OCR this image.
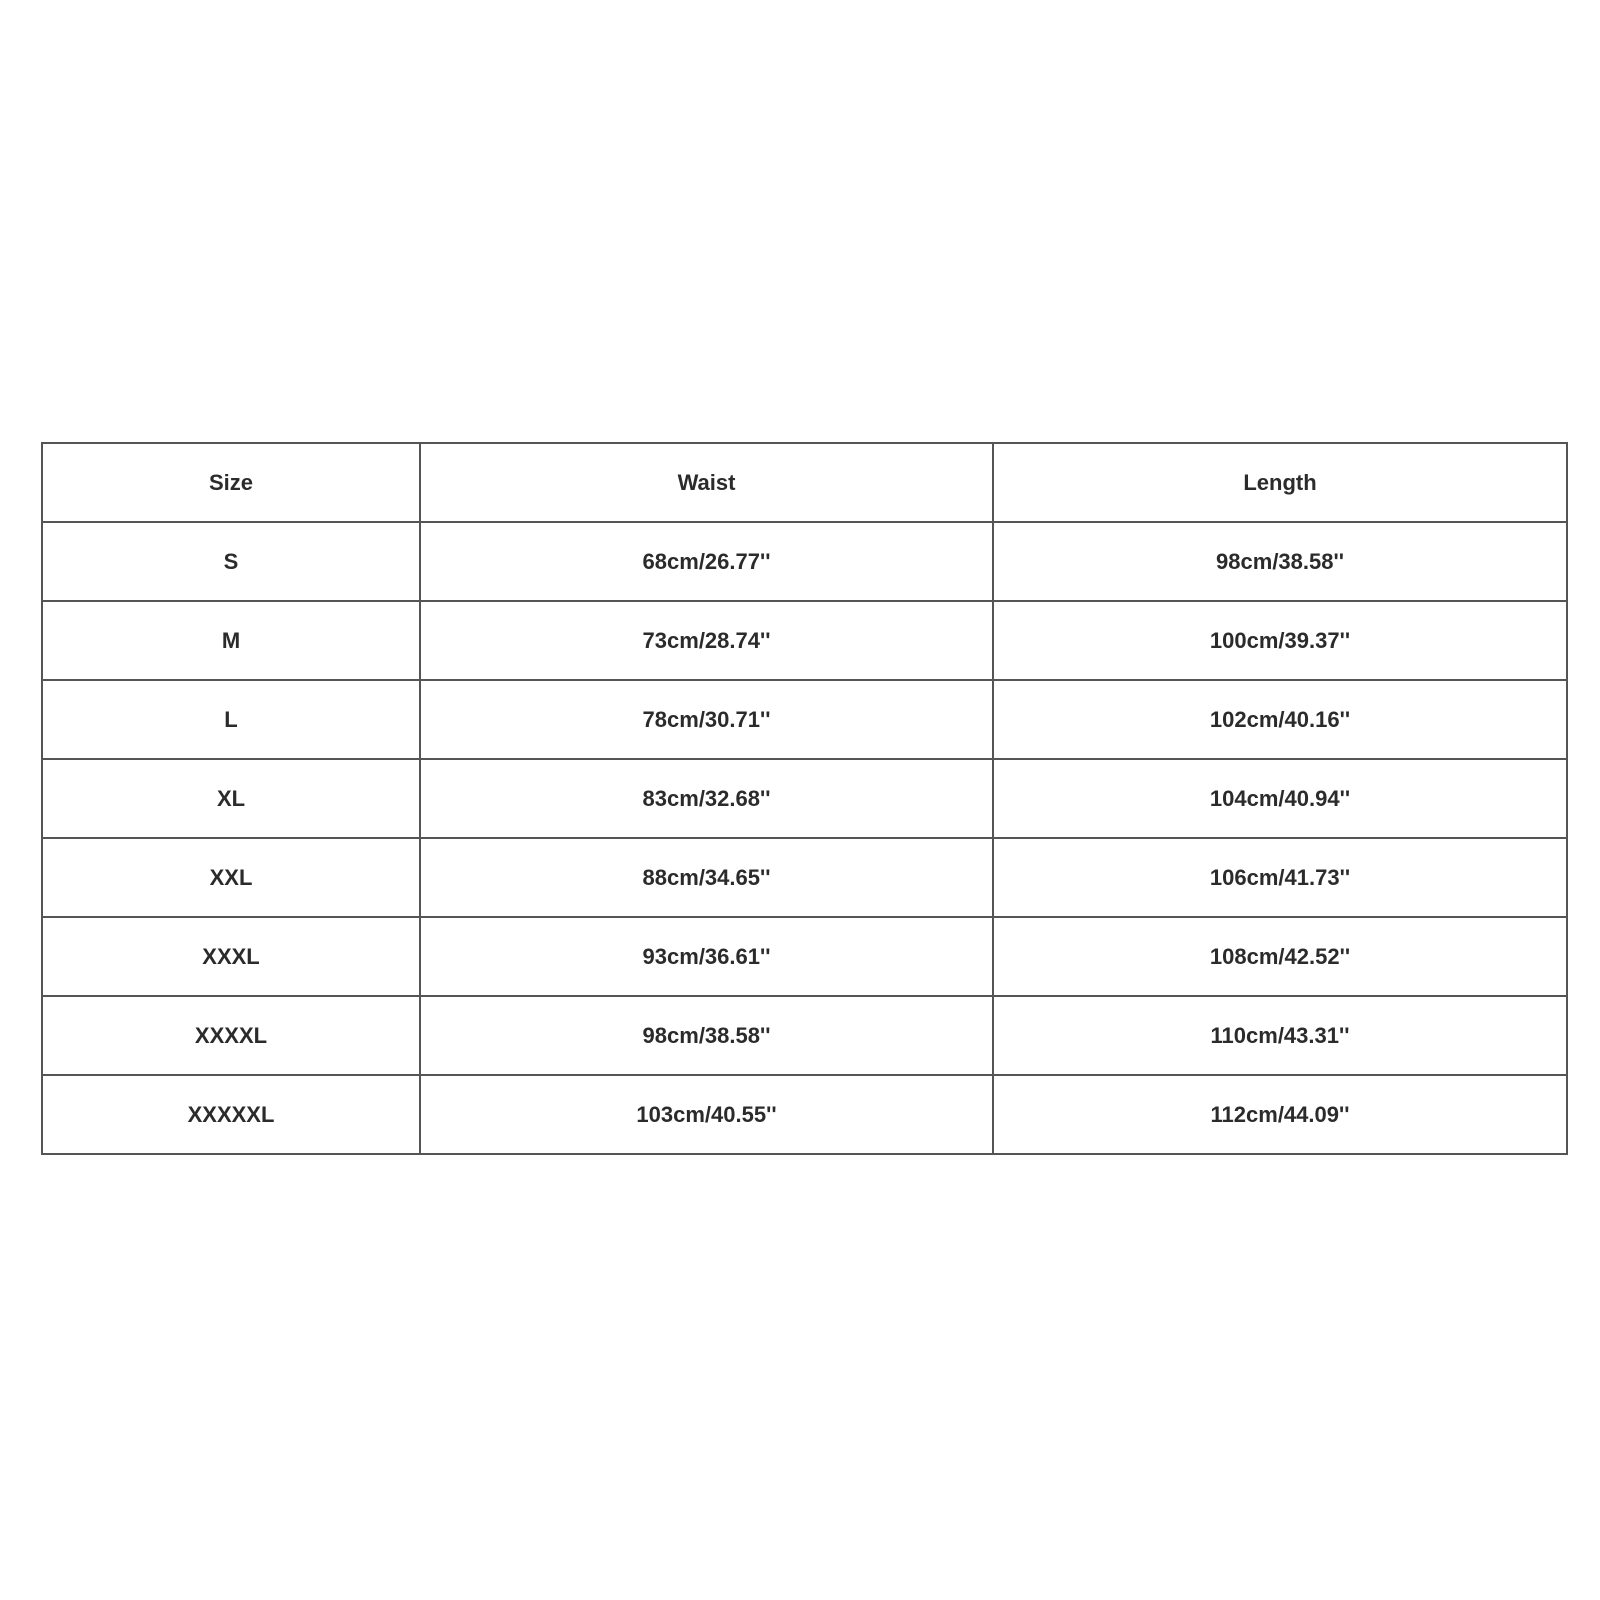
Size	Waist	Length
S	68cm/26.77''	98cm/38.58''
M	73cm/28.74''	100cm/39.37''
L	78cm/30.71''	102cm/40.16''
XL	83cm/32.68''	104cm/40.94''
XXL	88cm/34.65''	106cm/41.73''
XXXL	93cm/36.61''	108cm/42.52''
XXXXL	98cm/38.58''	110cm/43.31''
XXXXXL	103cm/40.55''	112cm/44.09''
